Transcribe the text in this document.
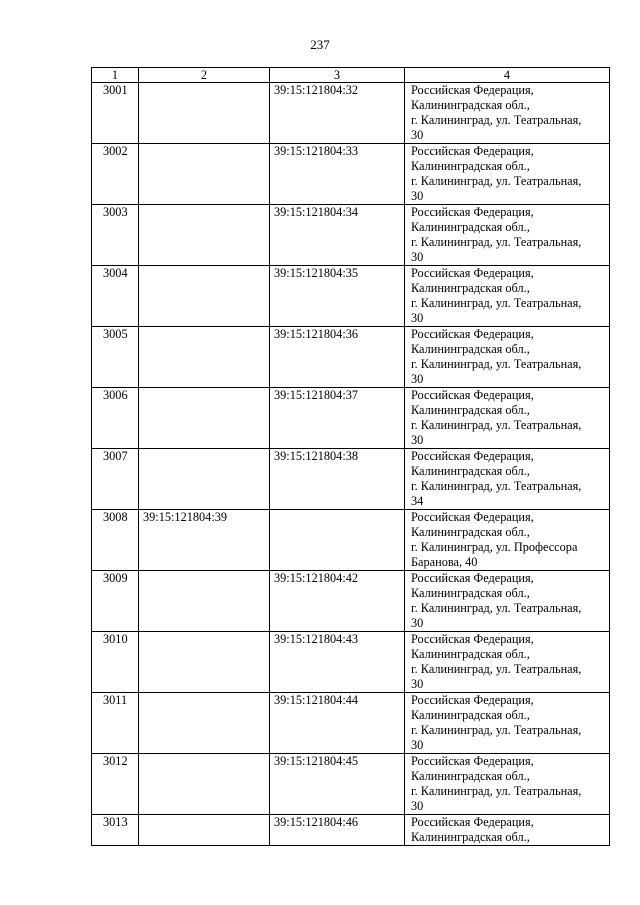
237
1	2	3	4
3001		39:15:121804:32	Российская Федерация,
Калининградская обл.,
г. Калининград, ул. Театральная,
30

3002		39:15:121804:33	Российская Федерация,
Калининградская обл.,
г. Калининград, ул. Театральная,
30

3003		39:15:121804:34	Российская Федерация,
Калининградская обл.,
г. Калининград, ул. Театральная,
30

3004		39:15:121804:35	Российская Федерация,
Калининградская обл.,
г. Калининград, ул. Театральная,
30

3005		39:15:121804:36	Российская Федерация,
Калининградская обл.,
г. Калининград, ул. Театральная,
30

3006		39:15:121804:37	Российская Федерация,
Калининградская обл.,
г. Калининград, ул. Театральная,
30

3007		39:15:121804:38	Российская Федерация,
Калининградская обл.,
г. Калининград, ул. Театральная,
34

3008	39:15:121804:39		Российская Федерация,
Калининградская обл.,
г. Калининград, ул. Профессора
Баранова, 40

3009		39:15:121804:42	Российская Федерация,
Калининградская обл.,
г. Калининград, ул. Театральная,
30

3010		39:15:121804:43	Российская Федерация,
Калининградская обл.,
г. Калининград, ул. Театральная,
30

3011		39:15:121804:44	Российская Федерация,
Калининградская обл.,
г. Калининград, ул. Театральная,
30

3012		39:15:121804:45	Российская Федерация,
Калининградская обл.,
г. Калининград, ул. Театральная,
30

3013		39:15:121804:46	Российская Федерация,
Калининградская обл.,
